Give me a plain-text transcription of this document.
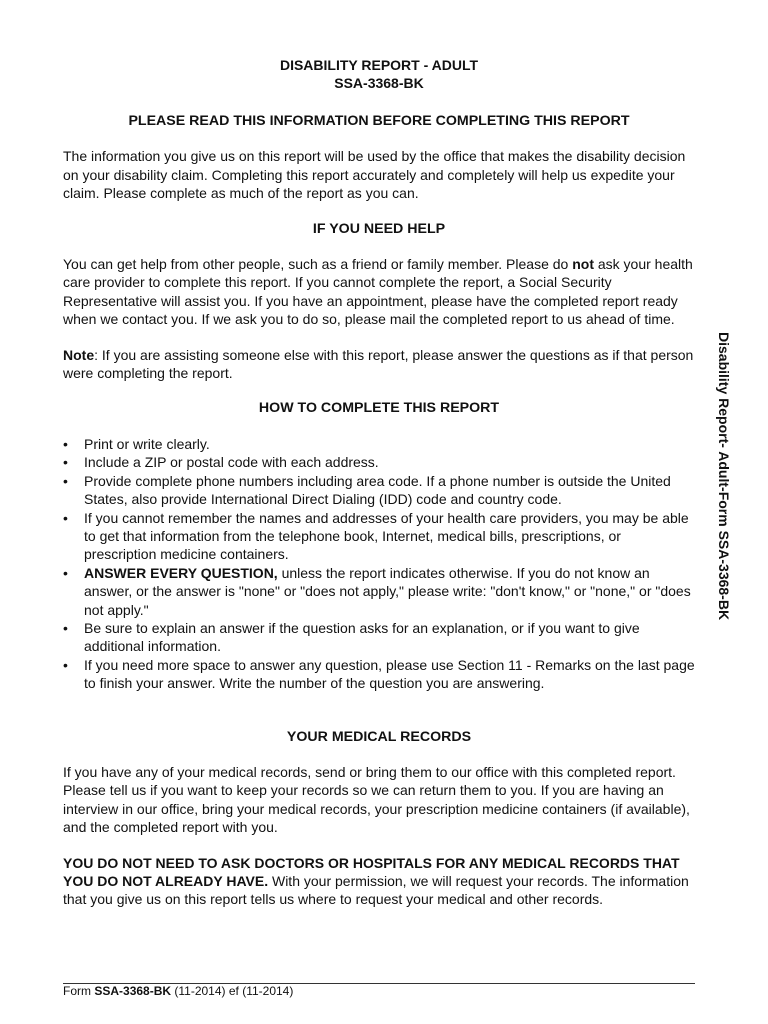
DISABILITY REPORT - ADULT
SSA-3368-BK
PLEASE READ THIS INFORMATION BEFORE COMPLETING THIS REPORT

The information you give us on this report will be used by the office that makes the disability decision on your disability claim. Completing this report accurately and completely will help us expedite your claim. Please complete as much of the report as you can.

IF YOU NEED HELP

You can get help from other people, such as a friend or family member. Please do not ask your health care provider to complete this report. If you cannot complete the report, a Social Security Representative will assist you. If you have an appointment, please have the completed report ready when we contact you. If we ask you to do so, please mail the completed report to us ahead of time.

Note: If you are assisting someone else with this report, please answer the questions as if that person were completing the report.

HOW TO COMPLETE THIS REPORT
• Print or write clearly.
• Include a ZIP or postal code with each address.
• Provide complete phone numbers including area code. If a phone number is outside the United States, also provide International Direct Dialing (IDD) code and country code.
• If you cannot remember the names and addresses of your health care providers, you may be able to get that information from the telephone book, Internet, medical bills, prescriptions, or prescription medicine containers.
• ANSWER EVERY QUESTION, unless the report indicates otherwise. If you do not know an answer, or the answer is "none" or "does not apply," please write: "don't know," or "none," or "does not apply."
• Be sure to explain an answer if the question asks for an explanation, or if you want to give additional information.
• If you need more space to answer any question, please use Section 11 - Remarks on the last page to finish your answer. Write the number of the question you are answering.
YOUR MEDICAL RECORDS

If you have any of your medical records, send or bring them to our office with this completed report. Please tell us if you want to keep your records so we can return them to you. If you are having an interview in our office, bring your medical records, your prescription medicine containers (if available), and the completed report with you.

YOU DO NOT NEED TO ASK DOCTORS OR HOSPITALS FOR ANY MEDICAL RECORDS THAT YOU DO NOT ALREADY HAVE. With your permission, we will request your records. The information that you give us on this report tells us where to request your medical and other records.

Disability Report- Adult-Form SSA-3368-BK
Form SSA-3368-BK (11-2014) ef (11-2014)
